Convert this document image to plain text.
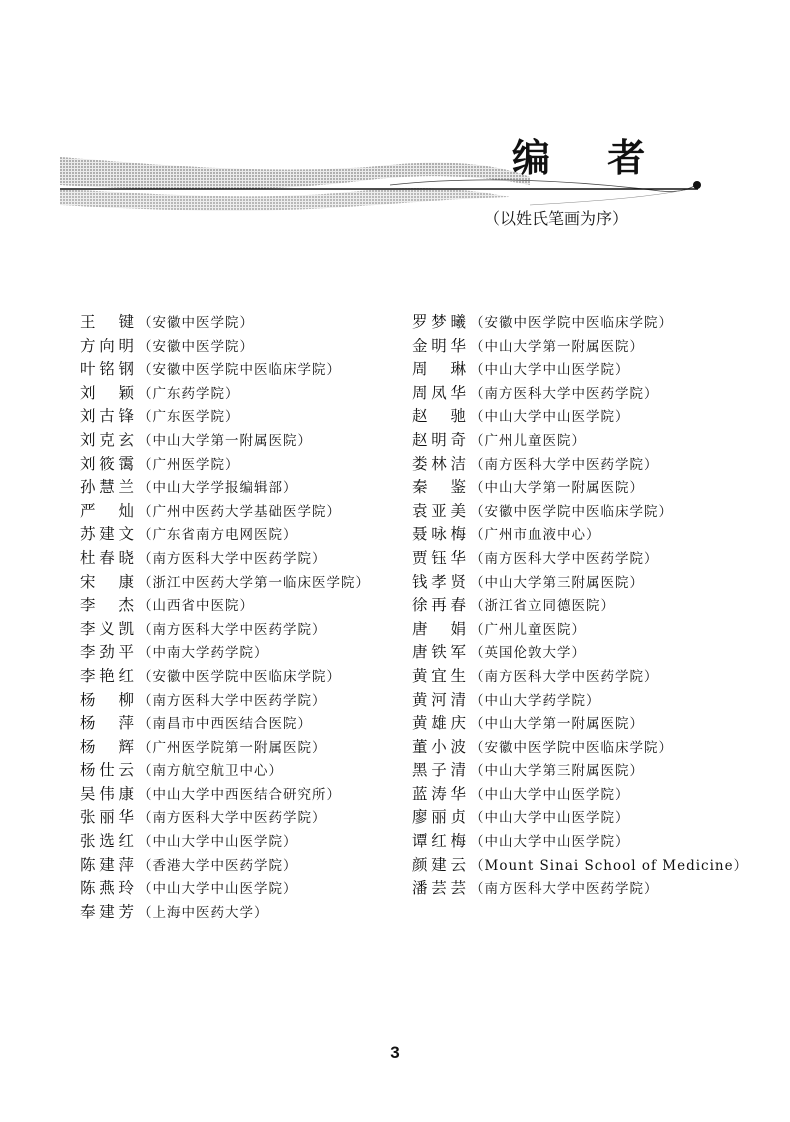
编 者
（以姓氏笔画为序）
王　键 （安徽中医学院）
方向明 （安徽中医学院）
叶铭钢 （安徽中医学院中医临床学院）
刘　颖 （广东药学院）
刘古锋 （广东医学院）
刘克玄 （中山大学第一附属医院）
刘筱霭 （广州医学院）
孙慧兰 （中山大学学报编辑部）
严　灿 （广州中医药大学基础医学院）
苏建文 （广东省南方电网医院）
杜春晓 （南方医科大学中医药学院）
宋　康 （浙江中医药大学第一临床医学院）
李　杰 （山西省中医院）
李义凯 （南方医科大学中医药学院）
李劲平 （中南大学药学院）
李艳红 （安徽中医学院中医临床学院）
杨　柳 （南方医科大学中医药学院）
杨　萍 （南昌市中西医结合医院）
杨　辉 （广州医学院第一附属医院）
杨仕云 （南方航空航卫中心）
吴伟康 （中山大学中西医结合研究所）
张丽华 （南方医科大学中医药学院）
张选红 （中山大学中山医学院）
陈建萍 （香港大学中医药学院）
陈燕玲 （中山大学中山医学院）
奉建芳 （上海中医药大学）
罗梦曦 （安徽中医学院中医临床学院）
金明华 （中山大学第一附属医院）
周　琳 （中山大学中山医学院）
周凤华 （南方医科大学中医药学院）
赵　驰 （中山大学中山医学院）
赵明奇 （广州儿童医院）
娄林洁 （南方医科大学中医药学院）
秦　鉴 （中山大学第一附属医院）
袁亚美 （安徽中医学院中医临床学院）
聂咏梅 （广州市血液中心）
贾钰华 （南方医科大学中医药学院）
钱孝贤 （中山大学第三附属医院）
徐再春 （浙江省立同德医院）
唐　娟 （广州儿童医院）
唐铁军 （英国伦敦大学）
黄宜生 （南方医科大学中医药学院）
黄河清 （中山大学药学院）
黄雄庆 （中山大学第一附属医院）
董小波 （安徽中医学院中医临床学院）
黑子清 （中山大学第三附属医院）
蓝涛华 （中山大学中山医学院）
廖丽贞 （中山大学中山医学院）
谭红梅 （中山大学中山医学院）
颜建云 （Mount Sinai School of Medicine）
潘芸芸 （南方医科大学中医药学院）
3
